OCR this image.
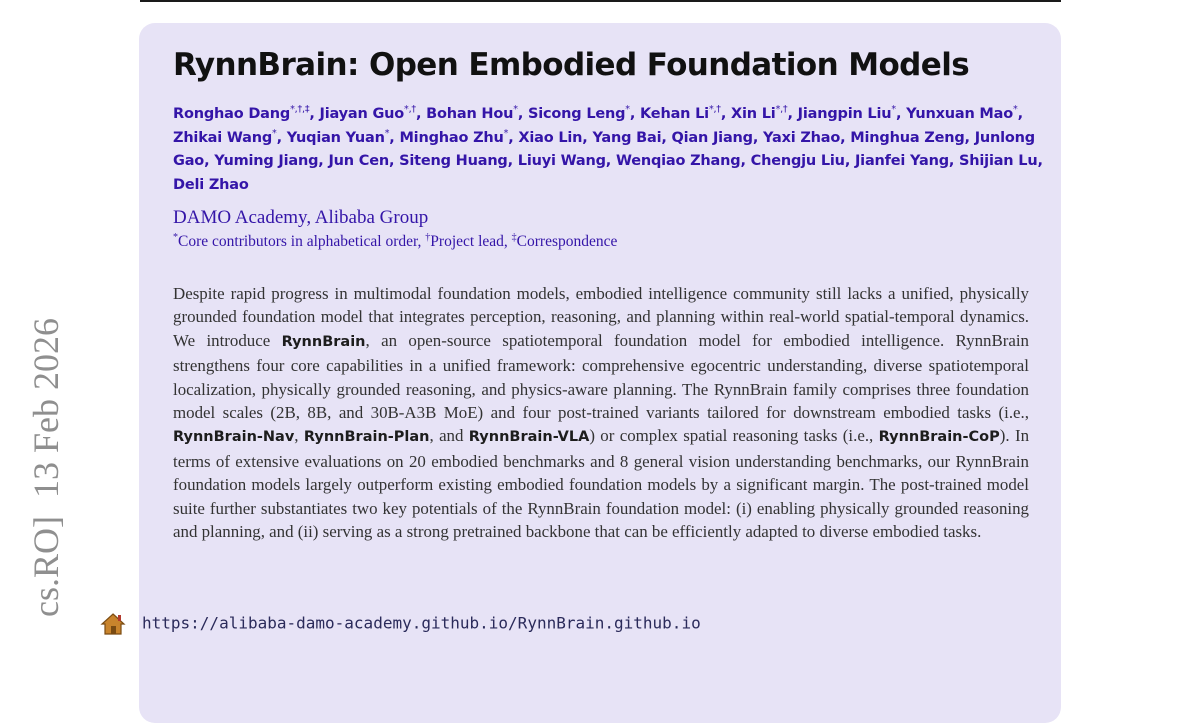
cs.RO]  13 Feb 2026
RynnBrain: Open Embodied Foundation Models
Ronghao Dang*,†,‡, Jiayan Guo*,†, Bohan Hou*, Sicong Leng*, Kehan Li*,†, Xin Li*,†, Jiangpin Liu*, Yunxuan Mao*, Zhikai Wang*, Yuqian Yuan*, Minghao Zhu*, Xiao Lin, Yang Bai, Qian Jiang, Yaxi Zhao, Minghua Zeng, Junlong Gao, Yuming Jiang, Jun Cen, Siteng Huang, Liuyi Wang, Wenqiao Zhang, Chengju Liu, Jianfei Yang, Shijian Lu, Deli Zhao
DAMO Academy, Alibaba Group
*Core contributors in alphabetical order, †Project lead, ‡Correspondence
Despite rapid progress in multimodal foundation models, embodied intelligence community still lacks a unified, physically grounded foundation model that integrates perception, reasoning, and planning within real-world spatial-temporal dynamics. We introduce RynnBrain, an open-source spatiotemporal foundation model for embodied intelligence. RynnBrain strengthens four core capabilities in a unified framework: comprehensive egocentric understanding, diverse spatiotemporal localization, physically grounded reasoning, and physics-aware planning. The RynnBrain family comprises three foundation model scales (2B, 8B, and 30B-A3B MoE) and four post-trained variants tailored for downstream embodied tasks (i.e., RynnBrain-Nav, RynnBrain-Plan, and RynnBrain-VLA) or complex spatial reasoning tasks (i.e., RynnBrain-CoP). In terms of extensive evaluations on 20 embodied benchmarks and 8 general vision understanding benchmarks, our RynnBrain foundation models largely outperform existing embodied foundation models by a significant margin. The post-trained model suite further substantiates two key potentials of the RynnBrain foundation model: (i) enabling physically grounded reasoning and planning, and (ii) serving as a strong pretrained backbone that can be efficiently adapted to diverse embodied tasks.
https://alibaba-damo-academy.github.io/RynnBrain.github.io
